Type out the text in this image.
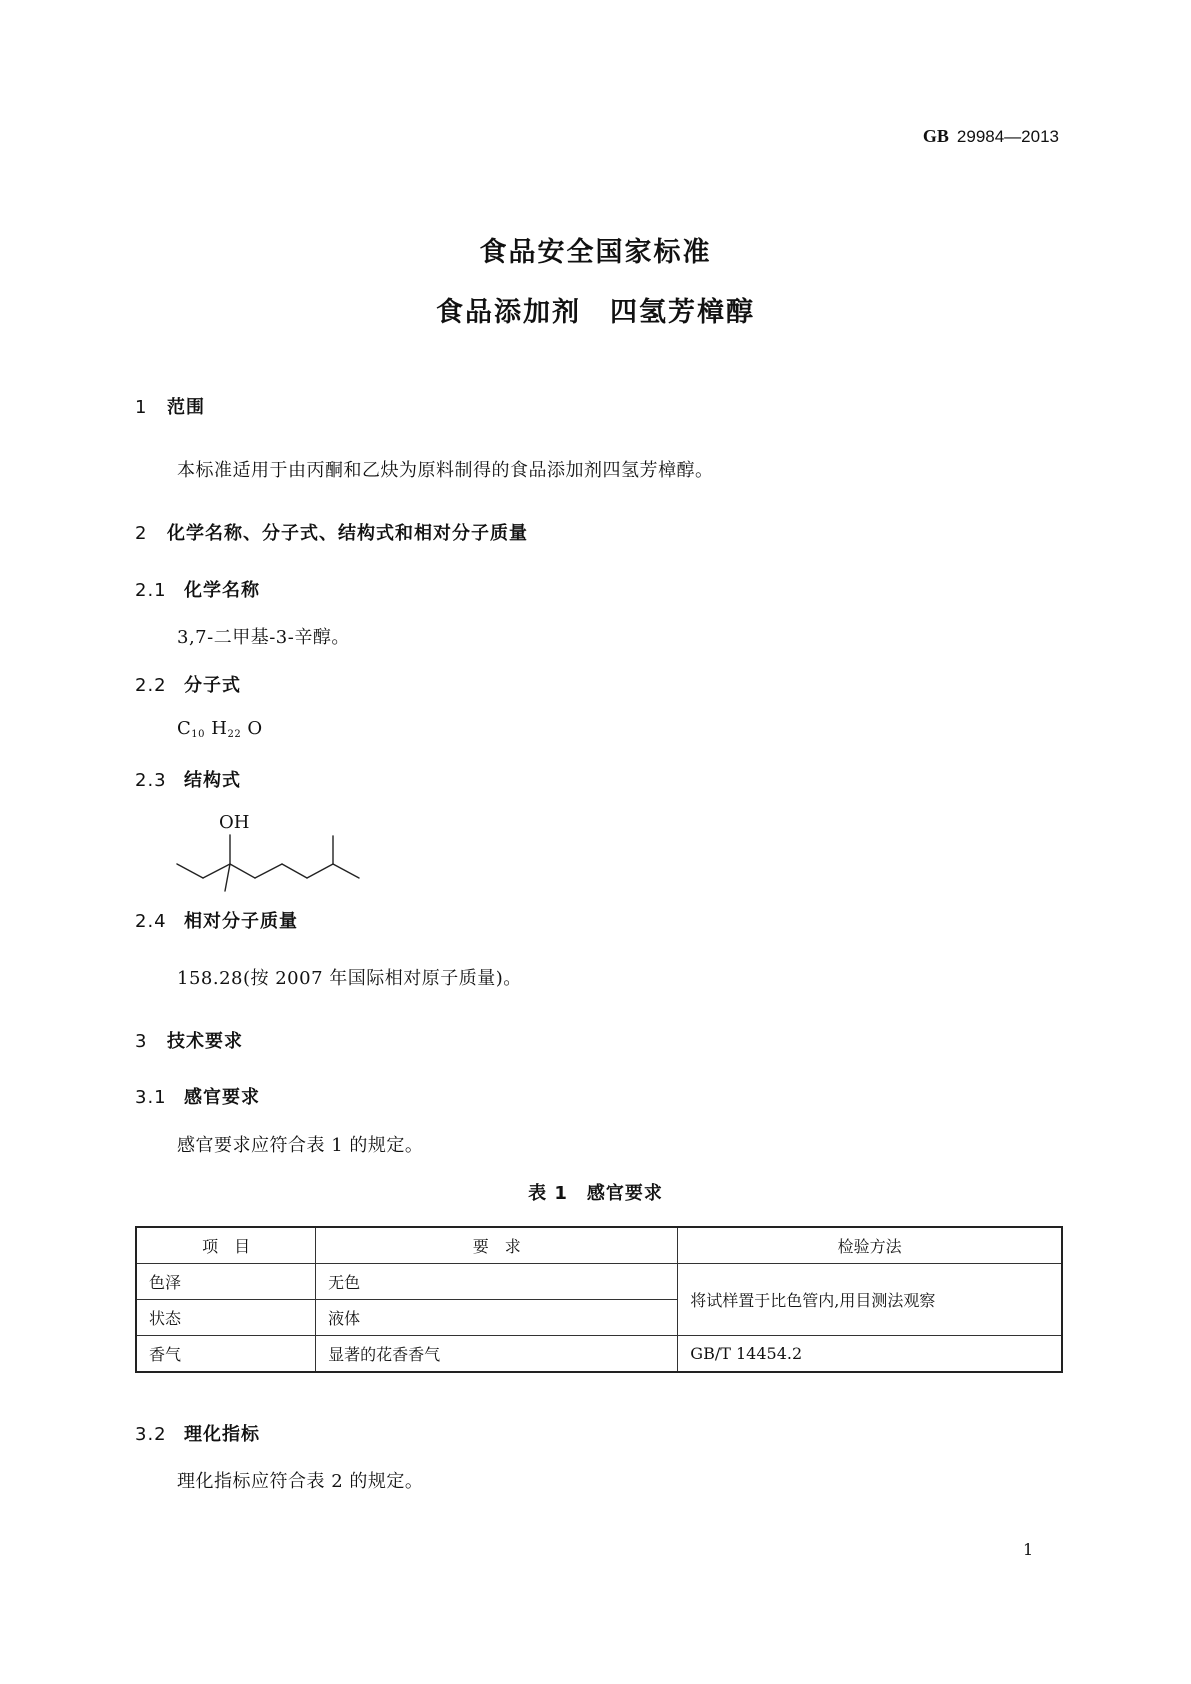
GB 29984—2013
食品安全国家标准
食品添加剂　四氢芳樟醇
1 范围
本标准适用于由丙酮和乙炔为原料制得的食品添加剂四氢芳樟醇。
2 化学名称、分子式、结构式和相对分子质量
2.1 化学名称
3,7-二甲基-3-辛醇。
2.2 分子式
$C_{10}$ $H_{22}$ O
2.3 结构式
OH
2.4 相对分子质量
158.28(按 2007 年国际相对原子质量)。
3 技术要求
3.1 感官要求
感官要求应符合表 1 的规定。
表 1　感官要求
项　目	要　求	检验方法
色泽	无色	将试样置于比色管内,用目测法观察
状态	液体	
香气	显著的花香香气	GB/T 14454.2
3.2 理化指标
理化指标应符合表 2 的规定。
1
